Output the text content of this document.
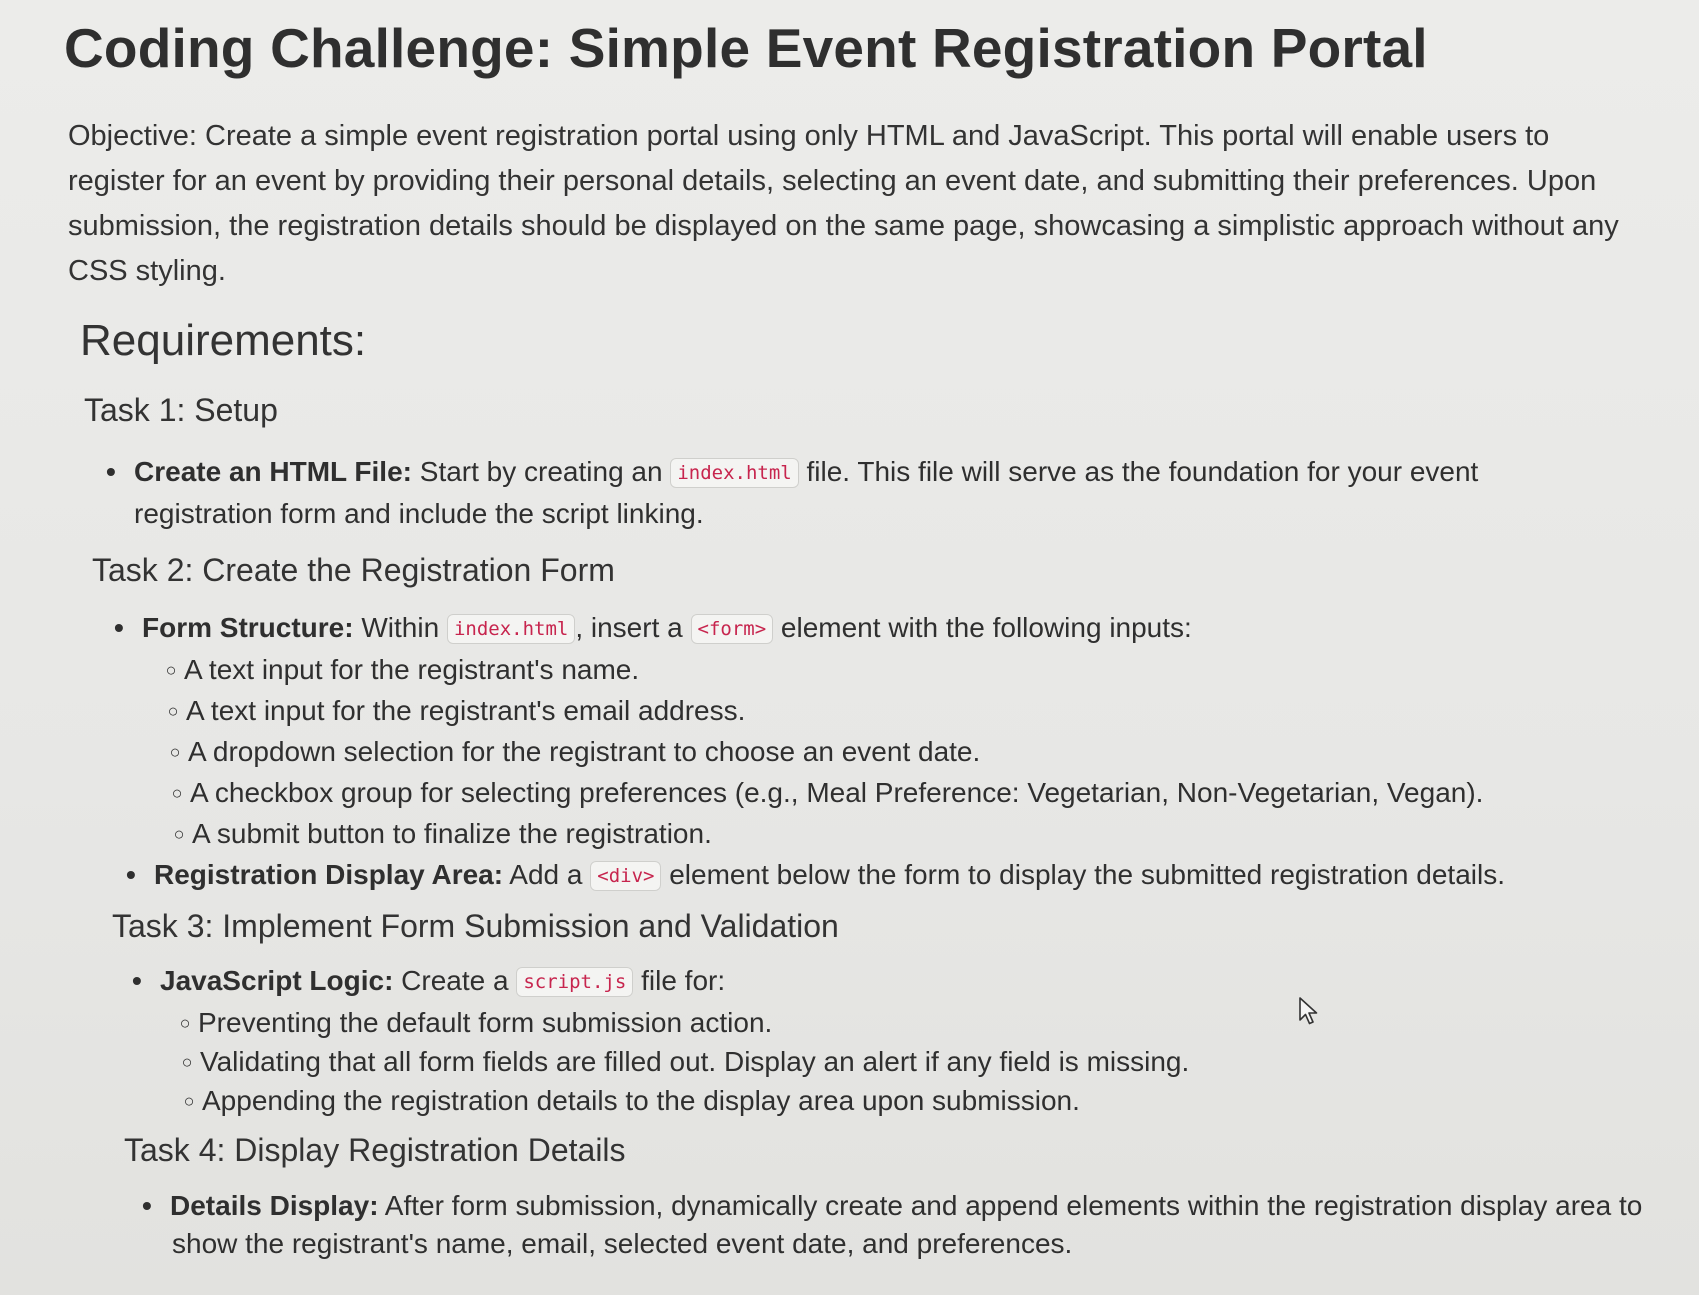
Coding Challenge: Simple Event Registration Portal

Objective: Create a simple event registration portal using only HTML and JavaScript. This portal will enable users to register for an event by providing their personal details, selecting an event date, and submitting their preferences. Upon submission, the registration details should be displayed on the same page, showcasing a simplistic approach without any CSS styling.

Requirements:
Task 1: Setup
• Create an HTML File: Start by creating an index.html file. This file will serve as the foundation for your event
registration form and include the script linking.
Task 2: Create the Registration Form
• Form Structure: Within index.html , insert a <form> element with the following inputs:
○ A text input for the registrant's name.
○ A text input for the registrant's email address.
○ A dropdown selection for the registrant to choose an event date.
○ A checkbox group for selecting preferences (e.g., Meal Preference: Vegetarian, Non-Vegetarian, Vegan).
○ A submit button to finalize the registration.
• Registration Display Area: Add a <div> element below the form to display the submitted registration details.
Task 3: Implement Form Submission and Validation
• JavaScript Logic: Create a script.js file for:
○ Preventing the default form submission action.
○ Validating that all form fields are filled out. Display an alert if any field is missing.
○ Appending the registration details to the display area upon submission.
Task 4: Display Registration Details
• Details Display: After form submission, dynamically create and append elements within the registration display area to
show the registrant's name, email, selected event date, and preferences.
